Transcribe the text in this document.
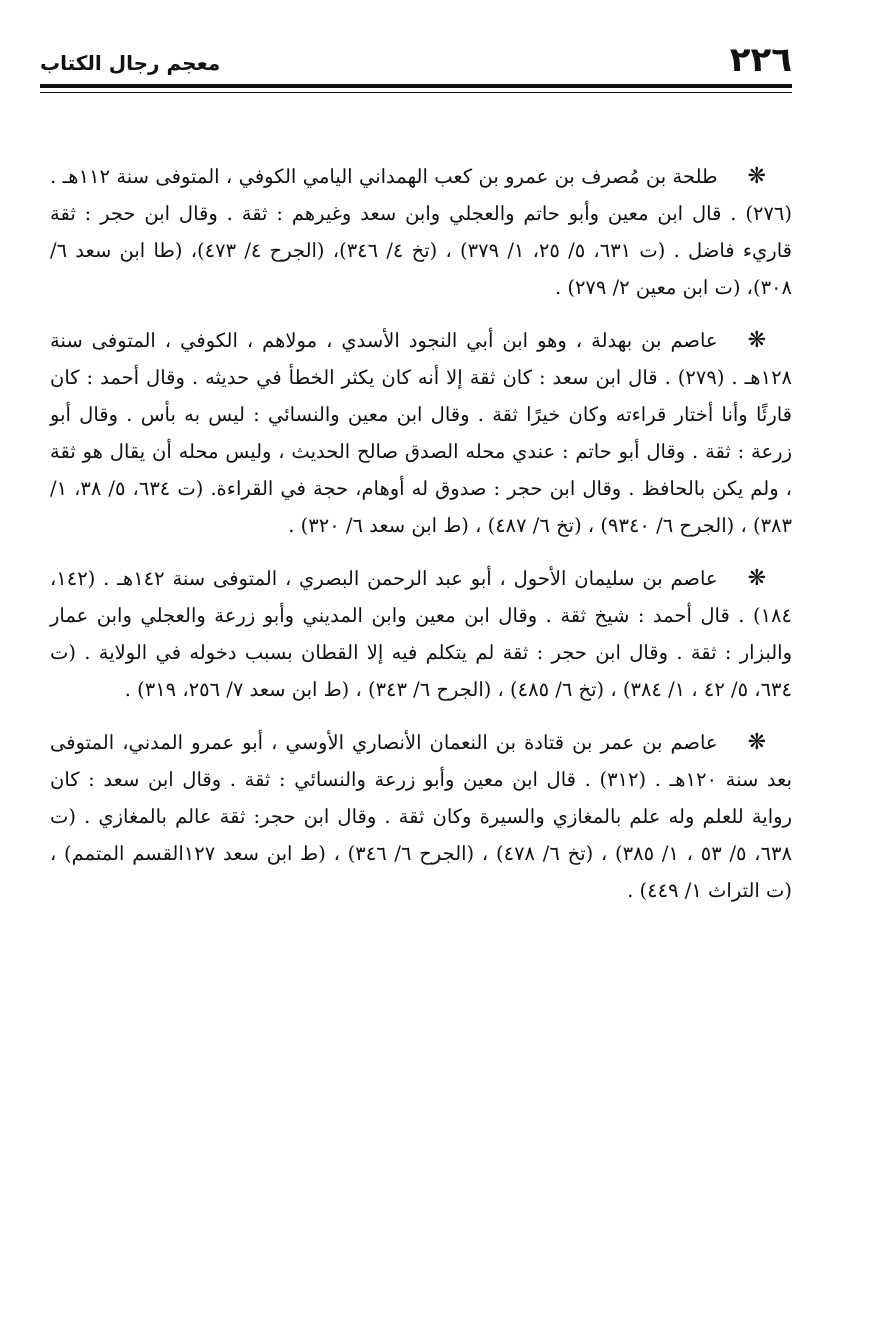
٢٢٦
معجم رجال الكتاب

❋طلحة بن مُصرف بن عمرو بن كعب الهمداني اليامي الكوفي ، المتوفى سنة ١١٢هـ . (٢٧٦) . قال ابن معين وأبو حاتم والعجلي وابن سعد وغيرهم : ثقة . وقال ابن حجر : ثقة قاريء فاضل . (ت ٦٣١، ٥/ ٢٥، ١/ ٣٧٩) ، (تخ ٤/ ٣٤٦)، (الجرح ٤/ ٤٧٣)، (طا ابن سعد ٦/ ٣٠٨)، (ت ابن معين ٢/ ٢٧٩) .

❋عاصم بن بهدلة ، وهو ابن أبي النجود الأسدي ، مولاهم ، الكوفي ، المتوفى سنة ١٢٨هـ . (٢٧٩) . قال ابن سعد : كان ثقة إلا أنه كان يكثر الخطأ في حديثه . وقال أحمد : كان قارئًا وأنا أختار قراءته وكان خيرًا ثقة . وقال ابن معين والنسائي : ليس به بأس . وقال أبو زرعة : ثقة . وقال أبو حاتم : عندي محله الصدق صالح الحديث ، وليس محله أن يقال هو ثقة ، ولم يكن بالحافظ . وقال ابن حجر : صدوق له أوهام، حجة في القراءة. (ت ٦٣٤، ٥/ ٣٨، ١/ ٣٨٣) ، (الجرح ٦/ ٩٣٤٠) ، (تخ ٦/ ٤٨٧) ، (ط ابن سعد ٦/ ٣٢٠) .

❋عاصم بن سليمان الأحول ، أبو عبد الرحمن البصري ، المتوفى سنة ١٤٢هـ . (١٤٢، ١٨٤) . قال أحمد : شيخ ثقة . وقال ابن معين وابن المديني وأبو زرعة والعجلي وابن عمار والبزار : ثقة . وقال ابن حجر : ثقة لم يتكلم فيه إلا القطان بسبب دخوله في الولاية . (ت ٦٣٤، ٥/ ٤٢ ، ١/ ٣٨٤) ، (تخ ٦/ ٤٨٥) ، (الجرح ٦/ ٣٤٣) ، (ط ابن سعد ٧/ ٢٥٦، ٣١٩) .

❋عاصم بن عمر بن قتادة بن النعمان الأنصاري الأوسي ، أبو عمرو المدني، المتوفى بعد سنة ١٢٠هـ . (٣١٢) . قال ابن معين وأبو زرعة والنسائي : ثقة . وقال ابن سعد : كان رواية للعلم وله علم بالمغازي والسيرة وكان ثقة . وقال ابن حجر: ثقة عالم بالمغازي . (ت ٦٣٨، ٥/ ٥٣ ، ١/ ٣٨٥) ، (تخ ٦/ ٤٧٨) ، (الجرح ٦/ ٣٤٦) ، (ط ابن سعد ١٢٧القسم المتمم) ، (ت التراث ١/ ٤٤٩) .
